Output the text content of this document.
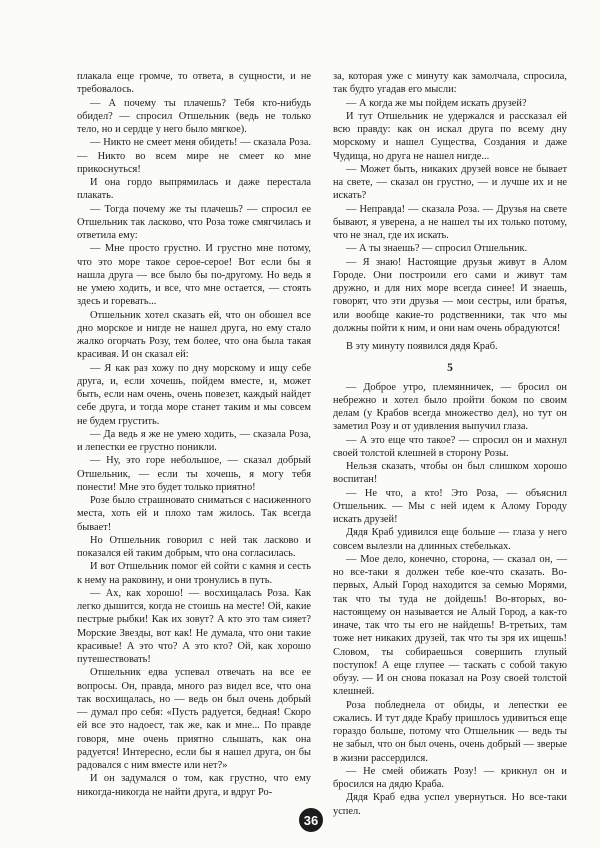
плакала еще громче, то ответа, в сущности, и не требовалось.

— А почему ты плачешь? Тебя кто-нибудь обидел? — спросил Отшельник (ведь не только тело, но и сердце у него было мягкое).

— Никто не смеет меня обидеть! — сказала Роза. — Никто во всем мире не смеет ко мне прикоснуться!

И она гордо выпрямилась и даже перестала плакать.

— Тогда почему же ты плачешь? — спросил ее Отшельник так ласково, что Роза тоже смягчилась и ответила ему:

— Мне просто грустно. И грустно мне потому, что это море такое серое-серое! Вот если бы я нашла друга — все было бы по-другому. Но ведь я не умею ходить, и все, что мне остается, — стоять здесь и горевать...

Отшельник хотел сказать ей, что он обошел все дно морское и нигде не нашел друга, но ему стало жалко огорчать Розу, тем более, что она была такая красивая. И он сказал ей:

— Я как раз хожу по дну морскому и ищу себе друга, и, если хочешь, пойдем вместе, и, может быть, если нам очень, очень повезет, каждый найдет себе друга, и тогда море станет таким и мы совсем не будем грустить.

— Да ведь я же не умею ходить, — сказала Роза, и лепестки ее грустно поникли.

— Ну, это горе небольшое, — сказал добрый Отшельник, — если ты хочешь, я могу тебя понести! Мне это будет только приятно!

Розе было страшновато сниматься с насиженного места, хоть ей и плохо там жилось. Так всегда бывает!

Но Отшельник говорил с ней так ласково и показался ей таким добрым, что она согласилась.

И вот Отшельник помог ей сойти с камня и сесть к нему на раковину, и они тронулись в путь.

— Ах, как хорошо! — восхищалась Роза. Как легко дышится, когда не стоишь на месте! Ой, какие пестрые рыбки! Как их зовут? А кто это там сияет? Морские Звезды, вот как! Не думала, что они такие красивые! А это что? А это кто? Ой, как хорошо путешествовать!

Отшельник едва успевал отвечать на все ее вопросы. Он, правда, много раз видел все, что она так восхищалась, но — ведь он был очень добрый — думал про себя: «Пусть радуется, бедная! Скоро ей все это надоест, так же, как и мне... По правде говоря, мне очень приятно слышать, как она радуется! Интересно, если бы я нашел друга, он бы радовался с ним вместе или нет?»

И он задумался о том, как грустно, что ему никогда-никогда не найти друга, и вдруг Ро-

за, которая уже с минуту как замолчала, спросила, так будто угадав его мысли:

— А когда же мы пойдем искать друзей?

И тут Отшельник не удержался и рассказал ей всю правду: как он искал друга по всему дну морскому и нашел Существа, Создания и даже Чудища, но друга не нашел нигде...

— Может быть, никаких друзей вовсе не бывает на свете, — сказал он грустно, — и лучше их и не искать?

— Неправда! — сказала Роза. — Друзья на свете бывают, я уверена, а не нашел ты их только потому, что не знал, где их искать.

— А ты знаешь? — спросил Отшельник.

— Я знаю! Настоящие друзья живут в Алом Городе. Они построили его сами и живут там дружно, и для них море всегда синее! И знаешь, говорят, что эти друзья — мои сестры, или братья, или вообще какие-то родственники, так что мы должны пойти к ним, и они нам очень обрадуются!

В эту минуту появился дядя Краб.

5

— Доброе утро, племянничек, — бросил он небрежно и хотел было пройти боком по своим делам (у Крабов всегда множество дел), но тут он заметил Розу и от удивления выпучил глаза.

— А это еще что такое? — спросил он и махнул своей толстой клешней в сторону Розы.

Нельзя сказать, чтобы он был слишком хорошо воспитан!

— Не что, а кто! Это Роза, — объяснил Отшельник. — Мы с ней идем к Алому Городу искать друзей!

Дядя Краб удивился еще больше — глаза у него совсем вылезли на длинных стебельках.

— Мое дело, конечно, сторона, — сказал он, — но все-таки я должен тебе кое-что сказать. Во-первых, Алый Город находится за семью Морями, так что ты туда не дойдешь! Во-вторых, во-настоящему он называется не Алый Город, а как-то иначе, так что ты его не найдешь! В-третьих, там тоже нет никаких друзей, так что ты зря их ищешь! Словом, ты собираешься совершить глупый поступок! А еще глупее — таскать с собой такую обузу. — И он снова показал на Розу своей толстой клешней.

Роза побледнела от обиды, и лепестки ее сжались. И тут дяде Крабу пришлось удивиться еще гораздо больше, потому что Отшельник — ведь ты не забыл, что он был очень, очень добрый — зверые в жизни рассердился.

— Не смей обижать Розу! — крикнул он и бросился на дядю Краба.

Дядя Краб едва успел увернуться. Но все-таки успел.

36
